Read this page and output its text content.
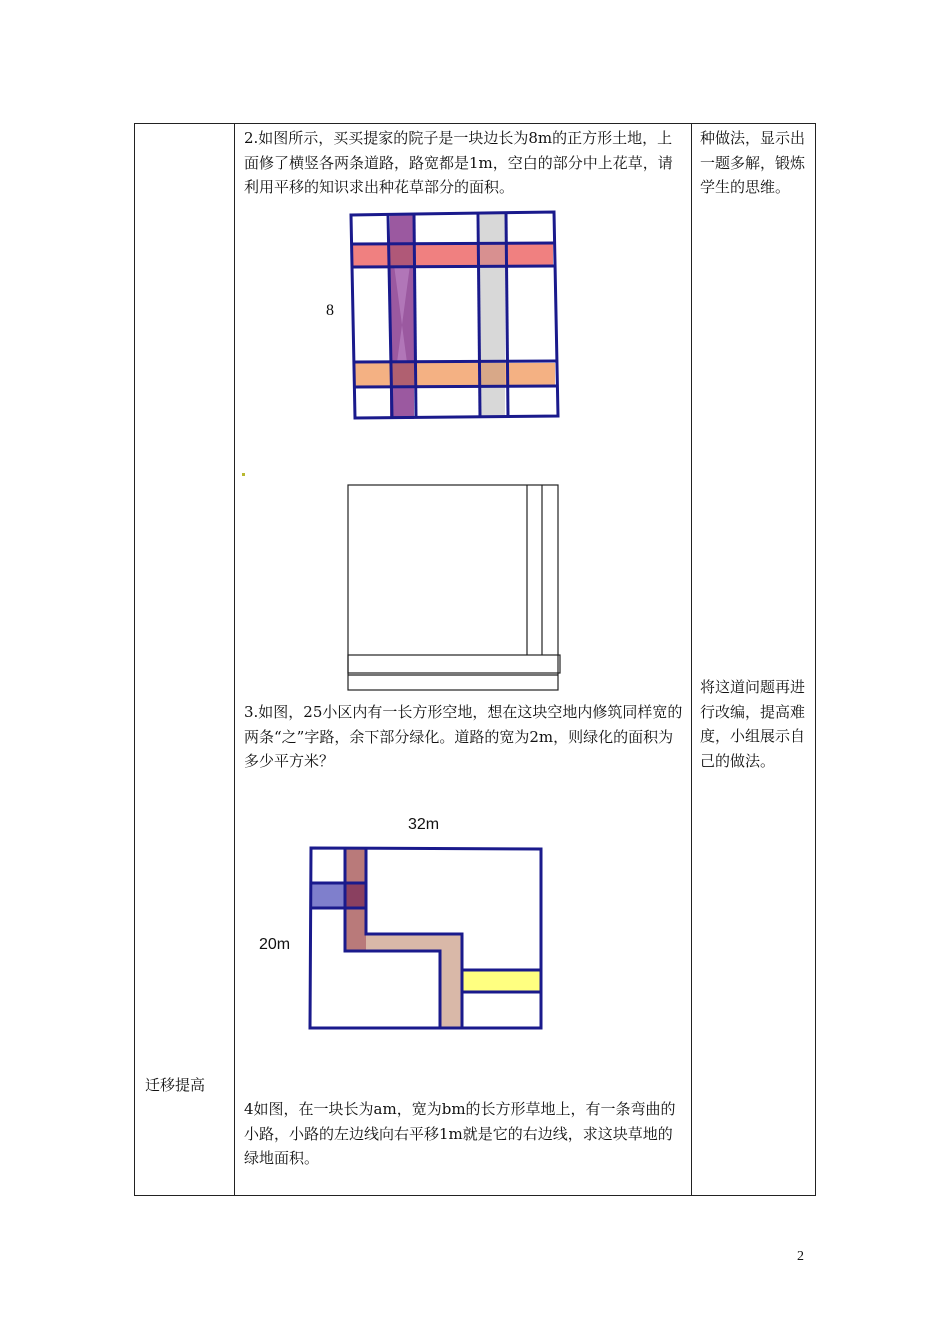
迁移提高
2.如图所示，买买提家的院子是一块边长为8m的正方形土地，上面修了横竖各两条道路，路宽都是1m，空白的部分中上花草，请利用平移的知识求出种花草部分的面积。
8
3.如图，25小区内有一长方形空地，想在这块空地内修筑同样宽的两条“之”字路，余下部分绿化。道路的宽为2m，则绿化的面积为多少平方米？
32m
20m
4如图，在一块长为am，宽为bm的长方形草地上，有一条弯曲的小路，小路的左边线向右平移1m就是它的右边线，求这块草地的绿地面积。
种做法，显示出一题多解，锻炼学生的思维。
将这道问题再进行改编，提高难度，小组展示自己的做法。
2
